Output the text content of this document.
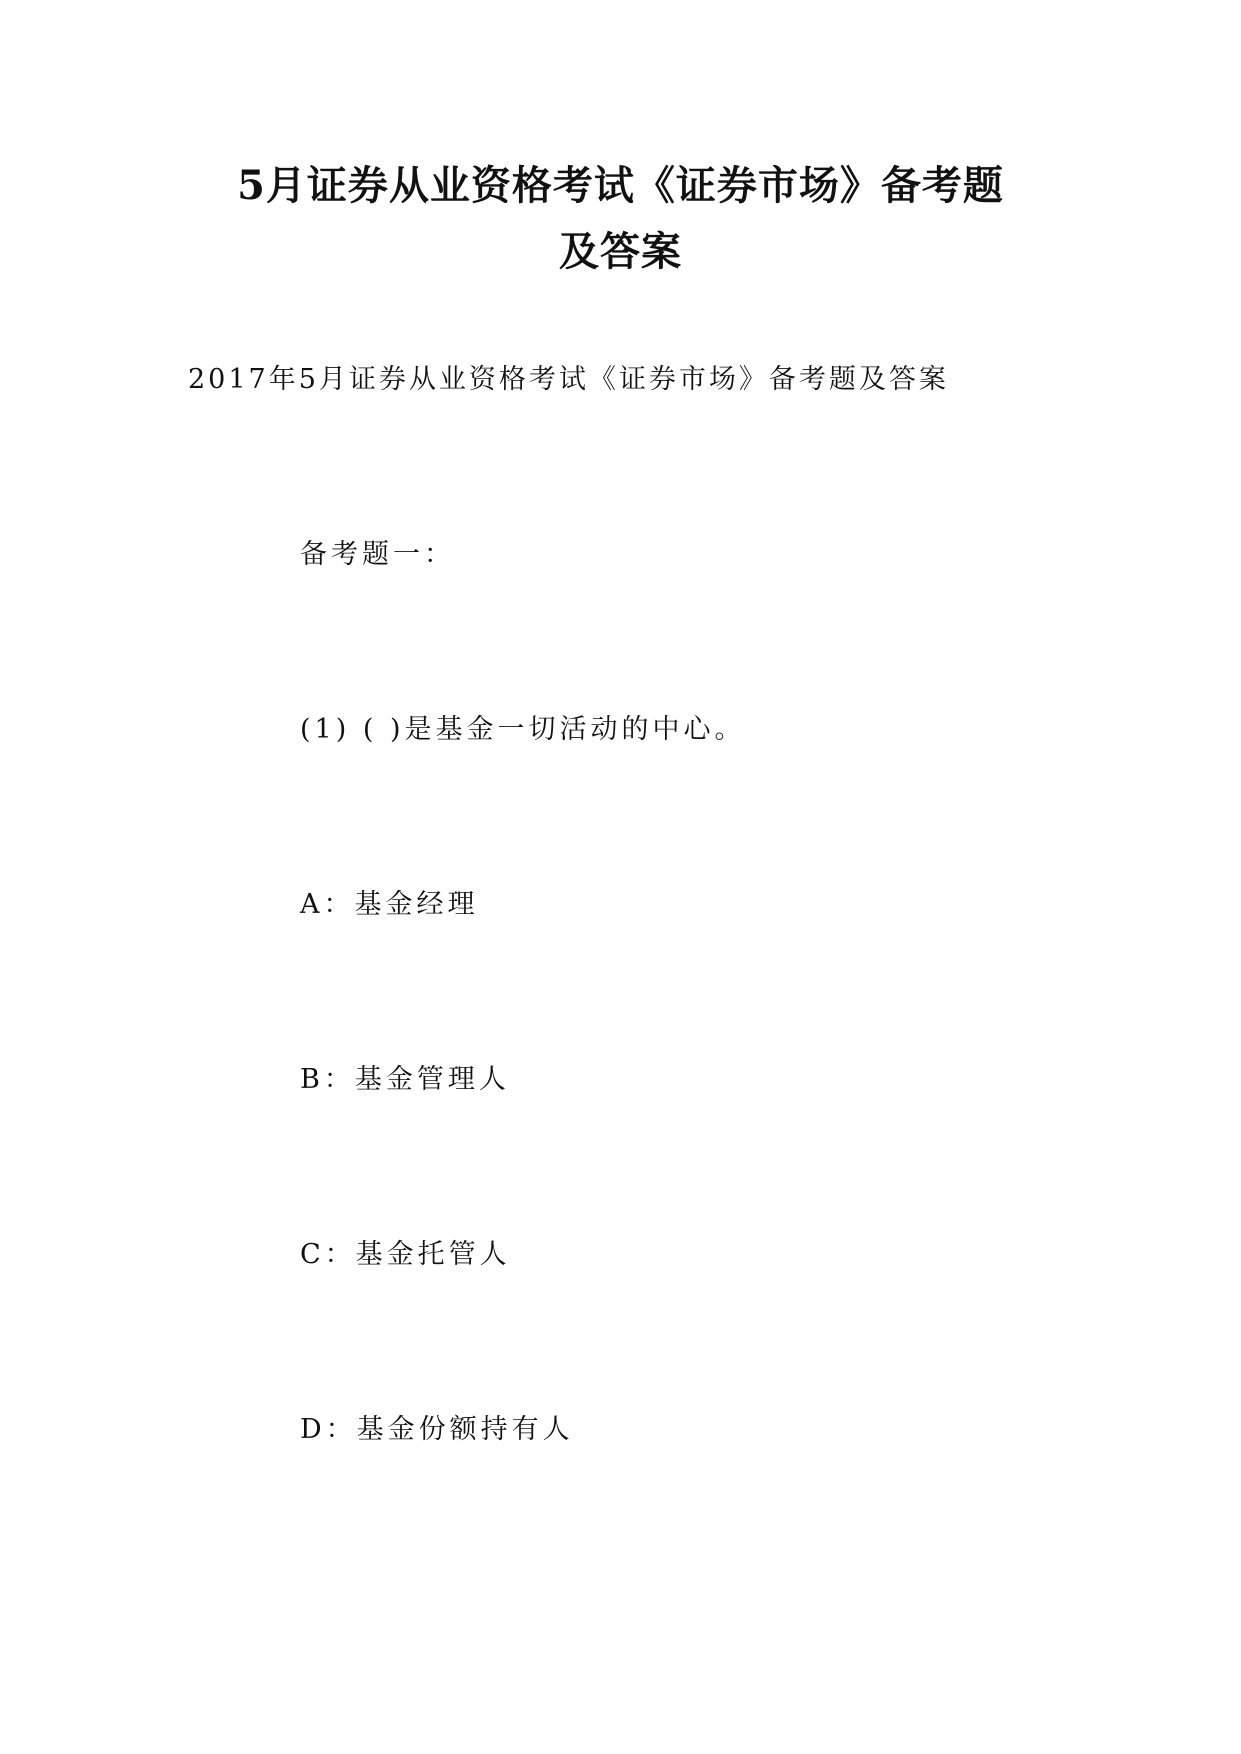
5月证券从业资格考试《证券市场》备考题
及答案

2017年5月证券从业资格考试《证券市场》备考题及答案

备考题一：

(1) ( )是基金一切活动的中心。

A：基金经理

B：基金管理人

C：基金托管人

D：基金份额持有人
